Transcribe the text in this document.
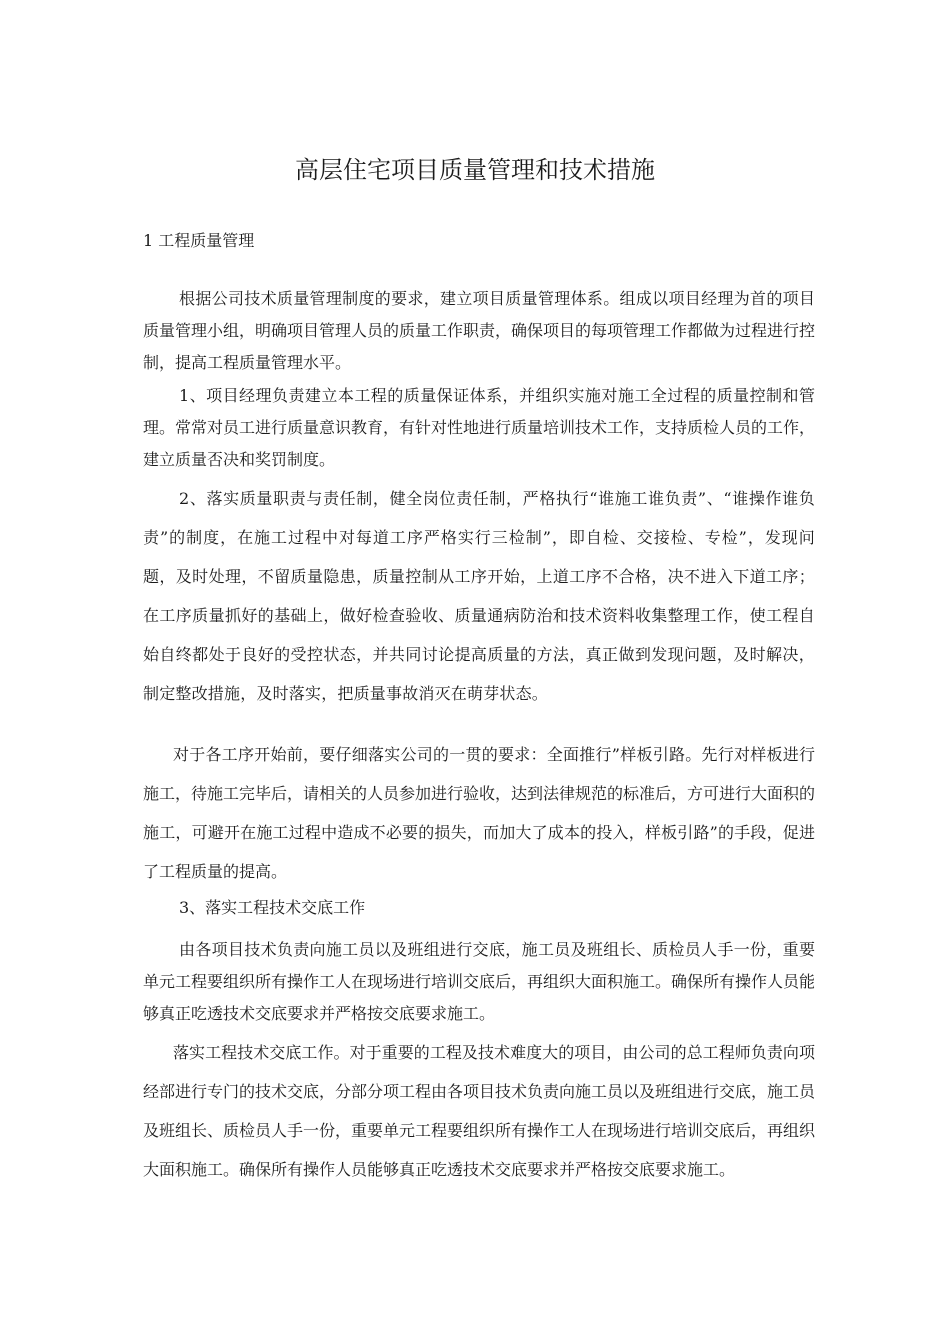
高层住宅项目质量管理和技术措施
1 工程质量管理

根据公司技术质量管理制度的要求，建立项目质量管理体系。组成以项目经理为首的项目质量管理小组，明确项目管理人员的质量工作职责，确保项目的每项管理工作都做为过程进行控制，提高工程质量管理水平。

1、项目经理负责建立本工程的质量保证体系，并组织实施对施工全过程的质量控制和管理。常常对员工进行质量意识教育，有针对性地进行质量培训技术工作，支持质检人员的工作，建立质量否决和奖罚制度。

2、落实质量职责与责任制，健全岗位责任制，严格执行“谁施工谁负责”、“谁操作谁负责”的制度，在施工过程中对每道工序严格实行三检制”，即自检、交接检、专检”，发现问题，及时处理，不留质量隐患，质量控制从工序开始，上道工序不合格，决不进入下道工序；在工序质量抓好的基础上，做好检查验收、质量通病防治和技术资料收集整理工作，使工程自始自终都处于良好的受控状态，并共同讨论提高质量的方法，真正做到发现问题，及时解决，制定整改措施，及时落实，把质量事故消灭在萌芽状态。

对于各工序开始前，要仔细落实公司的一贯的要求：全面推行”样板引路。先行对样板进行施工，待施工完毕后，请相关的人员参加进行验收，达到法律规范的标准后，方可进行大面积的施工，可避开在施工过程中造成不必要的损失，而加大了成本的投入，样板引路”的手段，促进了工程质量的提高。

3、落实工程技术交底工作

由各项目技术负责向施工员以及班组进行交底，施工员及班组长、质检员人手一份，重要单元工程要组织所有操作工人在现场进行培训交底后，再组织大面积施工。确保所有操作人员能够真正吃透技术交底要求并严格按交底要求施工。

落实工程技术交底工作。对于重要的工程及技术难度大的项目，由公司的总工程师负责向项经部进行专门的技术交底，分部分项工程由各项目技术负责向施工员以及班组进行交底，施工员及班组长、质检员人手一份，重要单元工程要组织所有操作工人在现场进行培训交底后，再组织大面积施工。确保所有操作人员能够真正吃透技术交底要求并严格按交底要求施工。
